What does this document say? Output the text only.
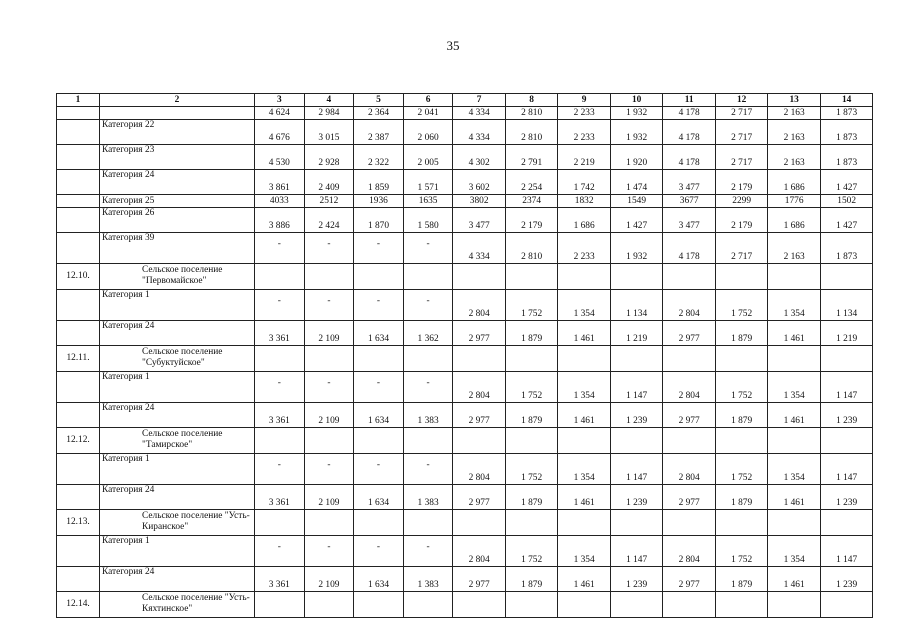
35
1	2	3	4	5	6	7	8	9	10	11	12	13	14
		4 624	2 984	2 364	2 041	4 334	2 810	2 233	1 932	4 178	2 717	2 163	1 873
	Категория 22	4 676	3 015	2 387	2 060	4 334	2 810	2 233	1 932	4 178	2 717	2 163	1 873
	Категория 23	4 530	2 928	2 322	2 005	4 302	2 791	2 219	1 920	4 178	2 717	2 163	1 873
	Категория 24	3 861	2 409	1 859	1 571	3 602	2 254	1 742	1 474	3 477	2 179	1 686	1 427
	Категория 25	4033	2512	1936	1635	3802	2374	1832	1549	3677	2299	1776	1502
	Категория 26	3 886	2 424	1 870	1 580	3 477	2 179	1 686	1 427	3 477	2 179	1 686	1 427
	Категория 39	-	-	-	-	4 334	2 810	2 233	1 932	4 178	2 717	2 163	1 873
12.10.	Сельское поселение "Первомайское"												
	Категория 1	-	-	-	-	2 804	1 752	1 354	1 134	2 804	1 752	1 354	1 134
	Категория 24	3 361	2 109	1 634	1 362	2 977	1 879	1 461	1 219	2 977	1 879	1 461	1 219
12.11.	Сельское поселение "Субуктуйское"												
	Категория 1	-	-	-	-	2 804	1 752	1 354	1 147	2 804	1 752	1 354	1 147
	Категория 24	3 361	2 109	1 634	1 383	2 977	1 879	1 461	1 239	2 977	1 879	1 461	1 239
12.12.	Сельское поселение "Тамирское"												
	Категория 1	-	-	-	-	2 804	1 752	1 354	1 147	2 804	1 752	1 354	1 147
	Категория 24	3 361	2 109	1 634	1 383	2 977	1 879	1 461	1 239	2 977	1 879	1 461	1 239
12.13.	Сельское поселение "Усть-Киранское"												
	Категория 1	-	-	-	-	2 804	1 752	1 354	1 147	2 804	1 752	1 354	1 147
	Категория 24	3 361	2 109	1 634	1 383	2 977	1 879	1 461	1 239	2 977	1 879	1 461	1 239
12.14.	Сельское поселение "Усть-Кяхтинское"												
